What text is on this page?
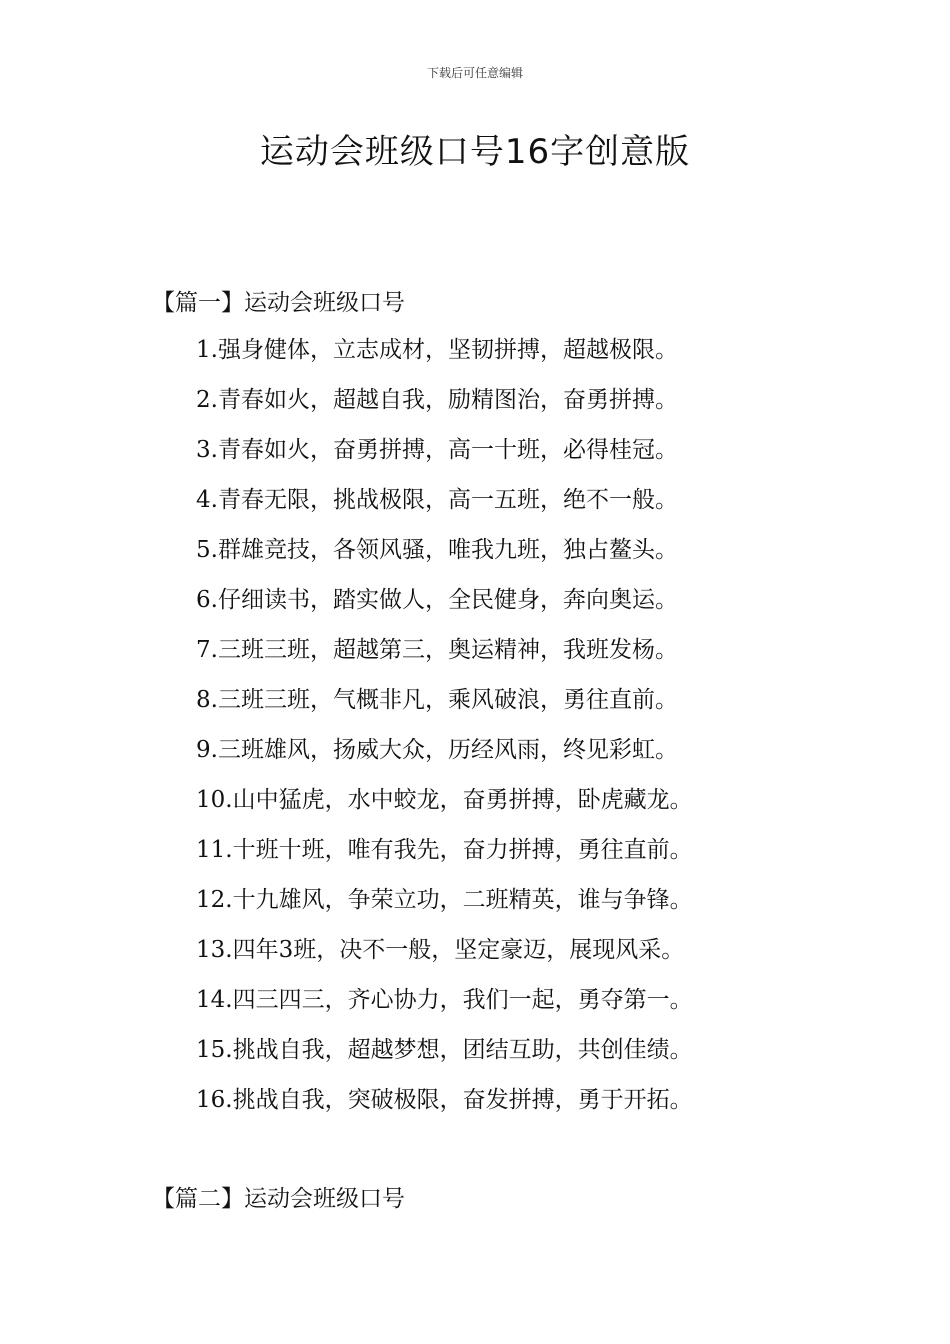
下载后可任意编辑
运动会班级口号16字创意版
【篇一】运动会班级口号
1.强身健体，立志成材，坚韧拼搏，超越极限。
2.青春如火，超越自我，励精图治，奋勇拼搏。
3.青春如火，奋勇拼搏，高一十班，必得桂冠。
4.青春无限，挑战极限，高一五班，绝不一般。
5.群雄竞技，各领风骚，唯我九班，独占鳌头。
6.仔细读书，踏实做人，全民健身，奔向奥运。
7.三班三班，超越第三，奥运精神，我班发杨。
8.三班三班，气概非凡，乘风破浪，勇往直前。
9.三班雄风，扬威大众，历经风雨，终见彩虹。
10.山中猛虎，水中蛟龙，奋勇拼搏，卧虎藏龙。
11.十班十班，唯有我先，奋力拼搏，勇往直前。
12.十九雄风，争荣立功，二班精英，谁与争锋。
13.四年3班，决不一般，坚定豪迈，展现风采。
14.四三四三，齐心协力，我们一起，勇夺第一。
15.挑战自我，超越梦想，团结互助，共创佳绩。
16.挑战自我，突破极限，奋发拼搏，勇于开拓。
【篇二】运动会班级口号
